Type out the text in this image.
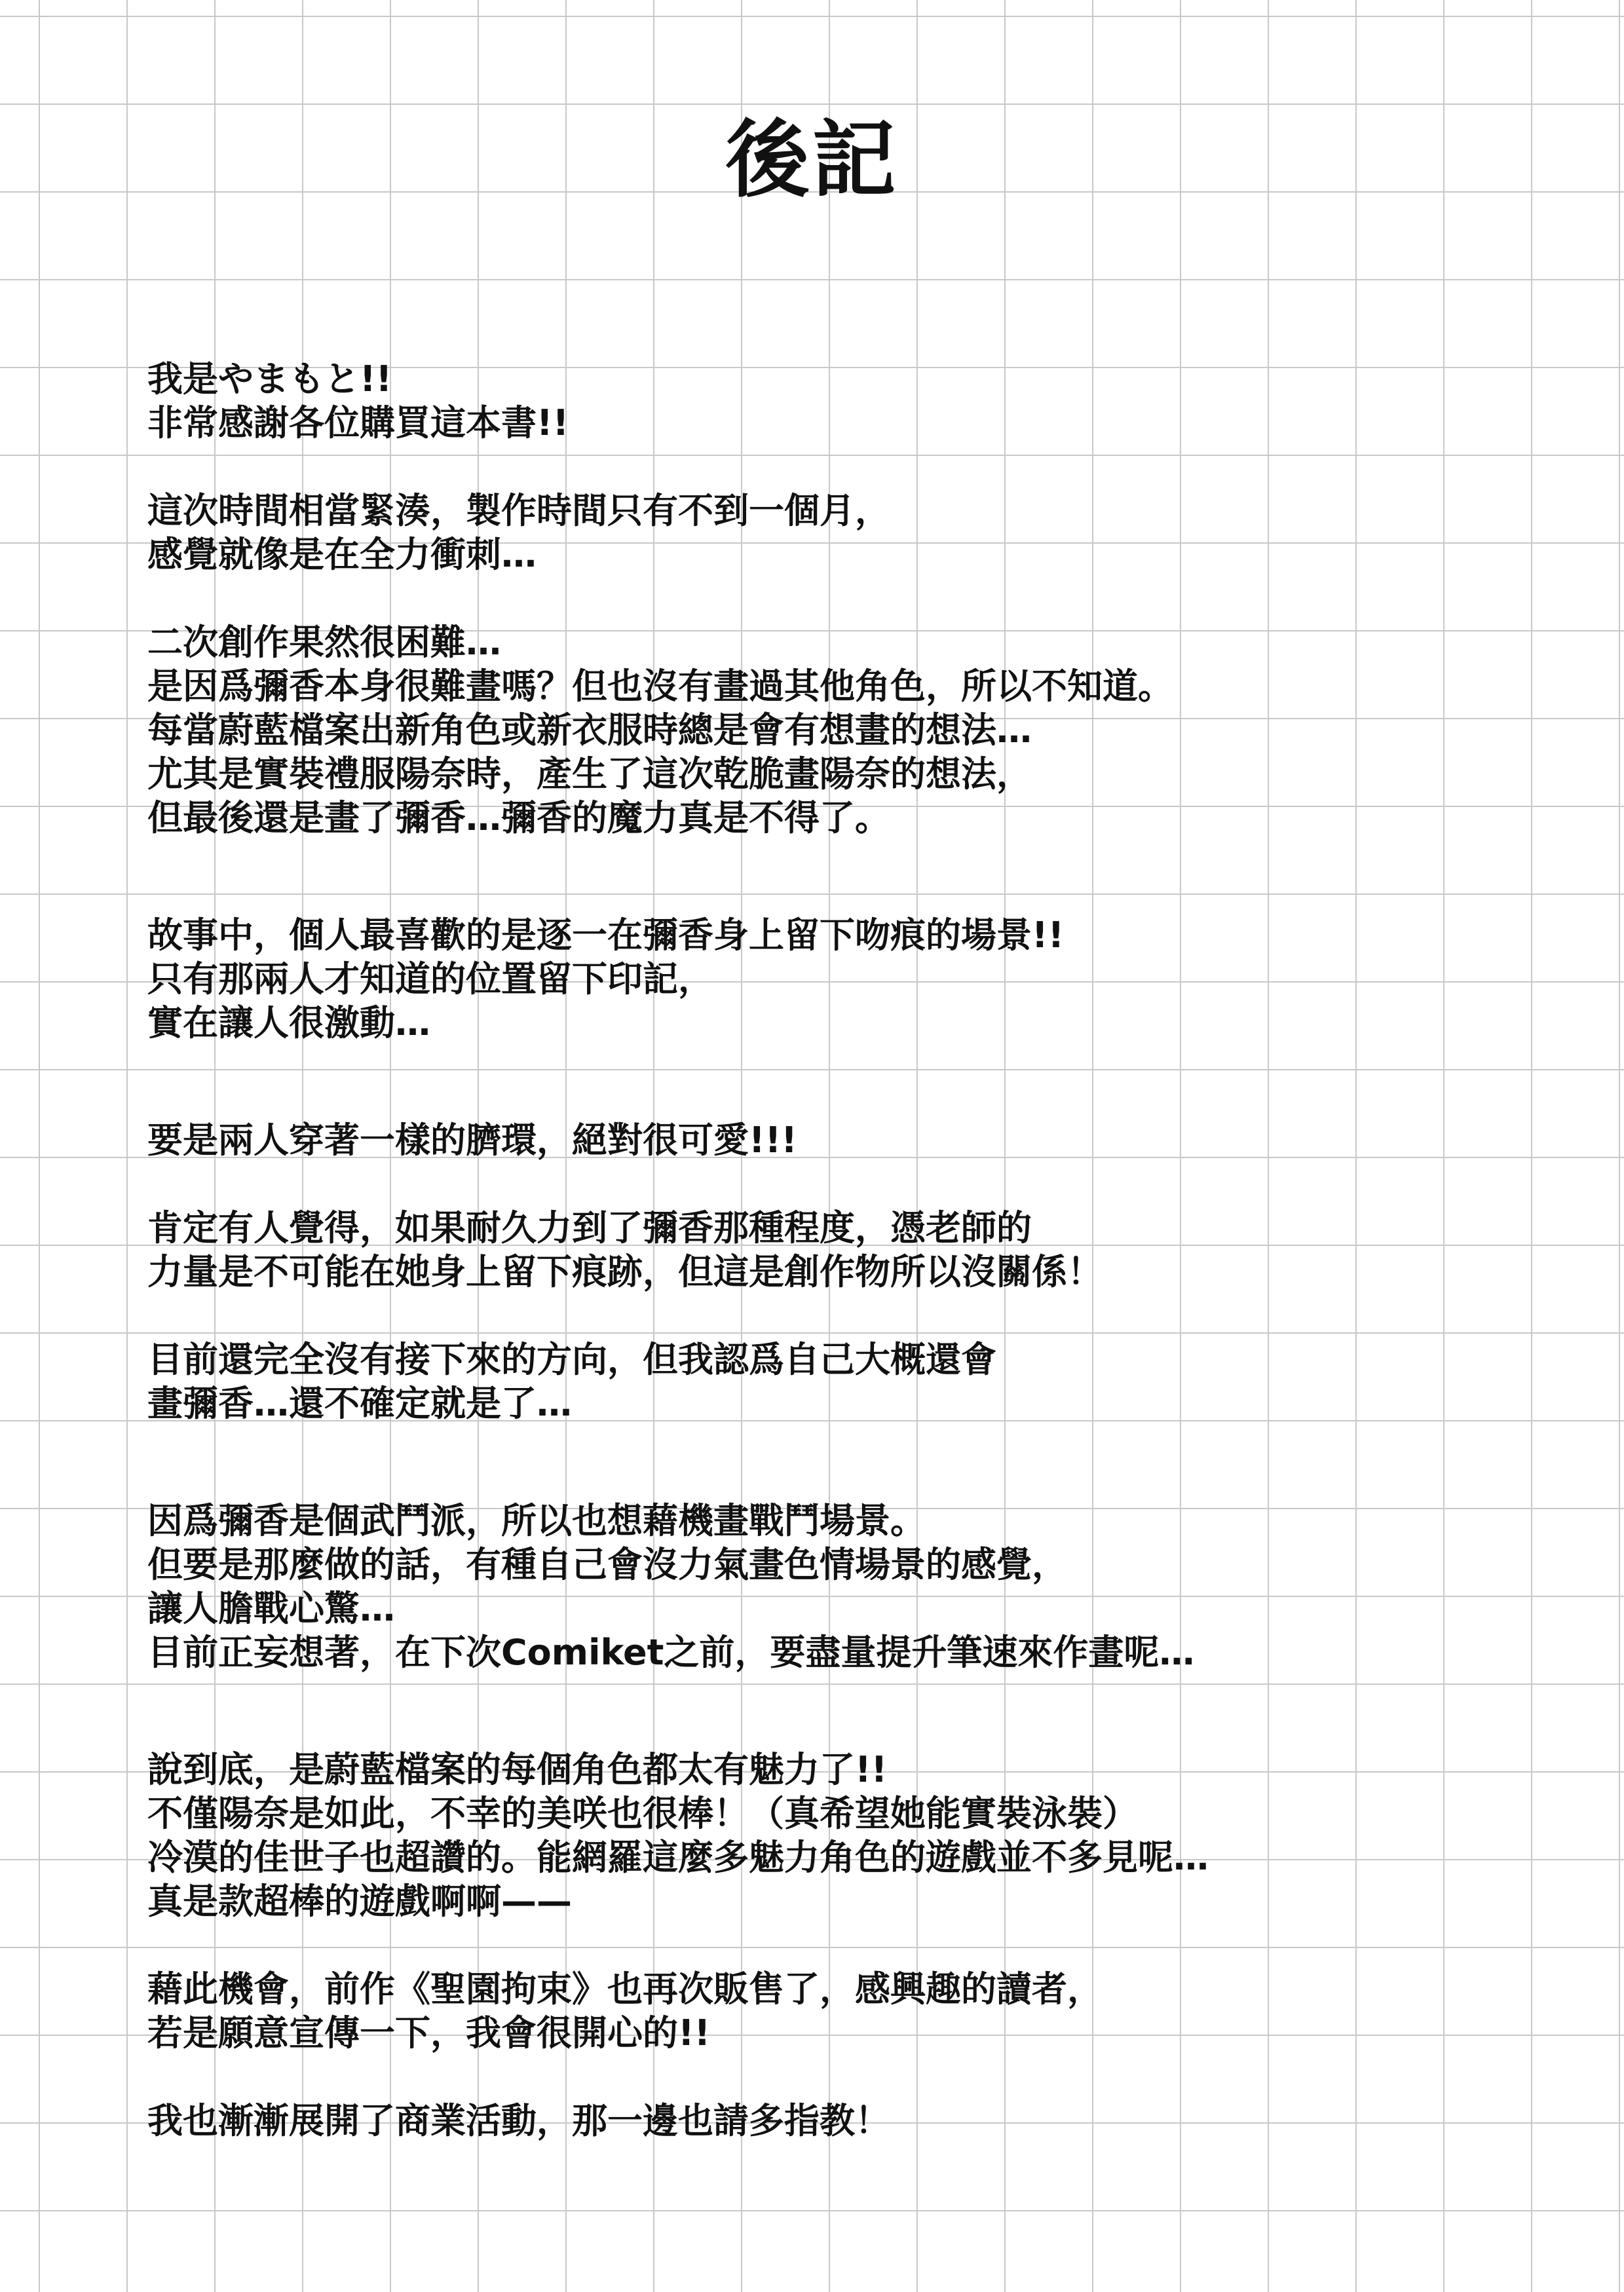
後記
我是やまもと!!
非常感謝各位購買這本書!!
這次時間相當緊湊，製作時間只有不到一個月，
感覺就像是在全力衝刺…
二次創作果然很困難…
是因爲彌香本身很難畫嗎？但也沒有畫過其他角色，所以不知道。
每當蔚藍檔案出新角色或新衣服時總是會有想畫的想法…
尤其是實裝禮服陽奈時，產生了這次乾脆畫陽奈的想法，
但最後還是畫了彌香…彌香的魔力真是不得了。
故事中，個人最喜歡的是逐一在彌香身上留下吻痕的場景!!
只有那兩人才知道的位置留下印記，
實在讓人很激動…
要是兩人穿著一樣的臍環，絕對很可愛!!!
肯定有人覺得，如果耐久力到了彌香那種程度，憑老師的
力量是不可能在她身上留下痕跡，但這是創作物所以沒關係！
目前還完全沒有接下來的方向，但我認爲自己大概還會
畫彌香…還不確定就是了…
因爲彌香是個武鬥派，所以也想藉機畫戰鬥場景。
但要是那麼做的話，有種自己會沒力氣畫色情場景的感覺，
讓人膽戰心驚…
目前正妄想著，在下次Comiket之前，要盡量提升筆速來作畫呢…
說到底，是蔚藍檔案的每個角色都太有魅力了!!
不僅陽奈是如此，不幸的美咲也很棒！（真希望她能實裝泳裝）
冷漠的佳世子也超讚的。能網羅這麼多魅力角色的遊戲並不多見呢…
真是款超棒的遊戲啊啊——
藉此機會，前作《聖園拘束》也再次販售了，感興趣的讀者，
若是願意宣傳一下，我會很開心的!!
我也漸漸展開了商業活動，那一邊也請多指教！
